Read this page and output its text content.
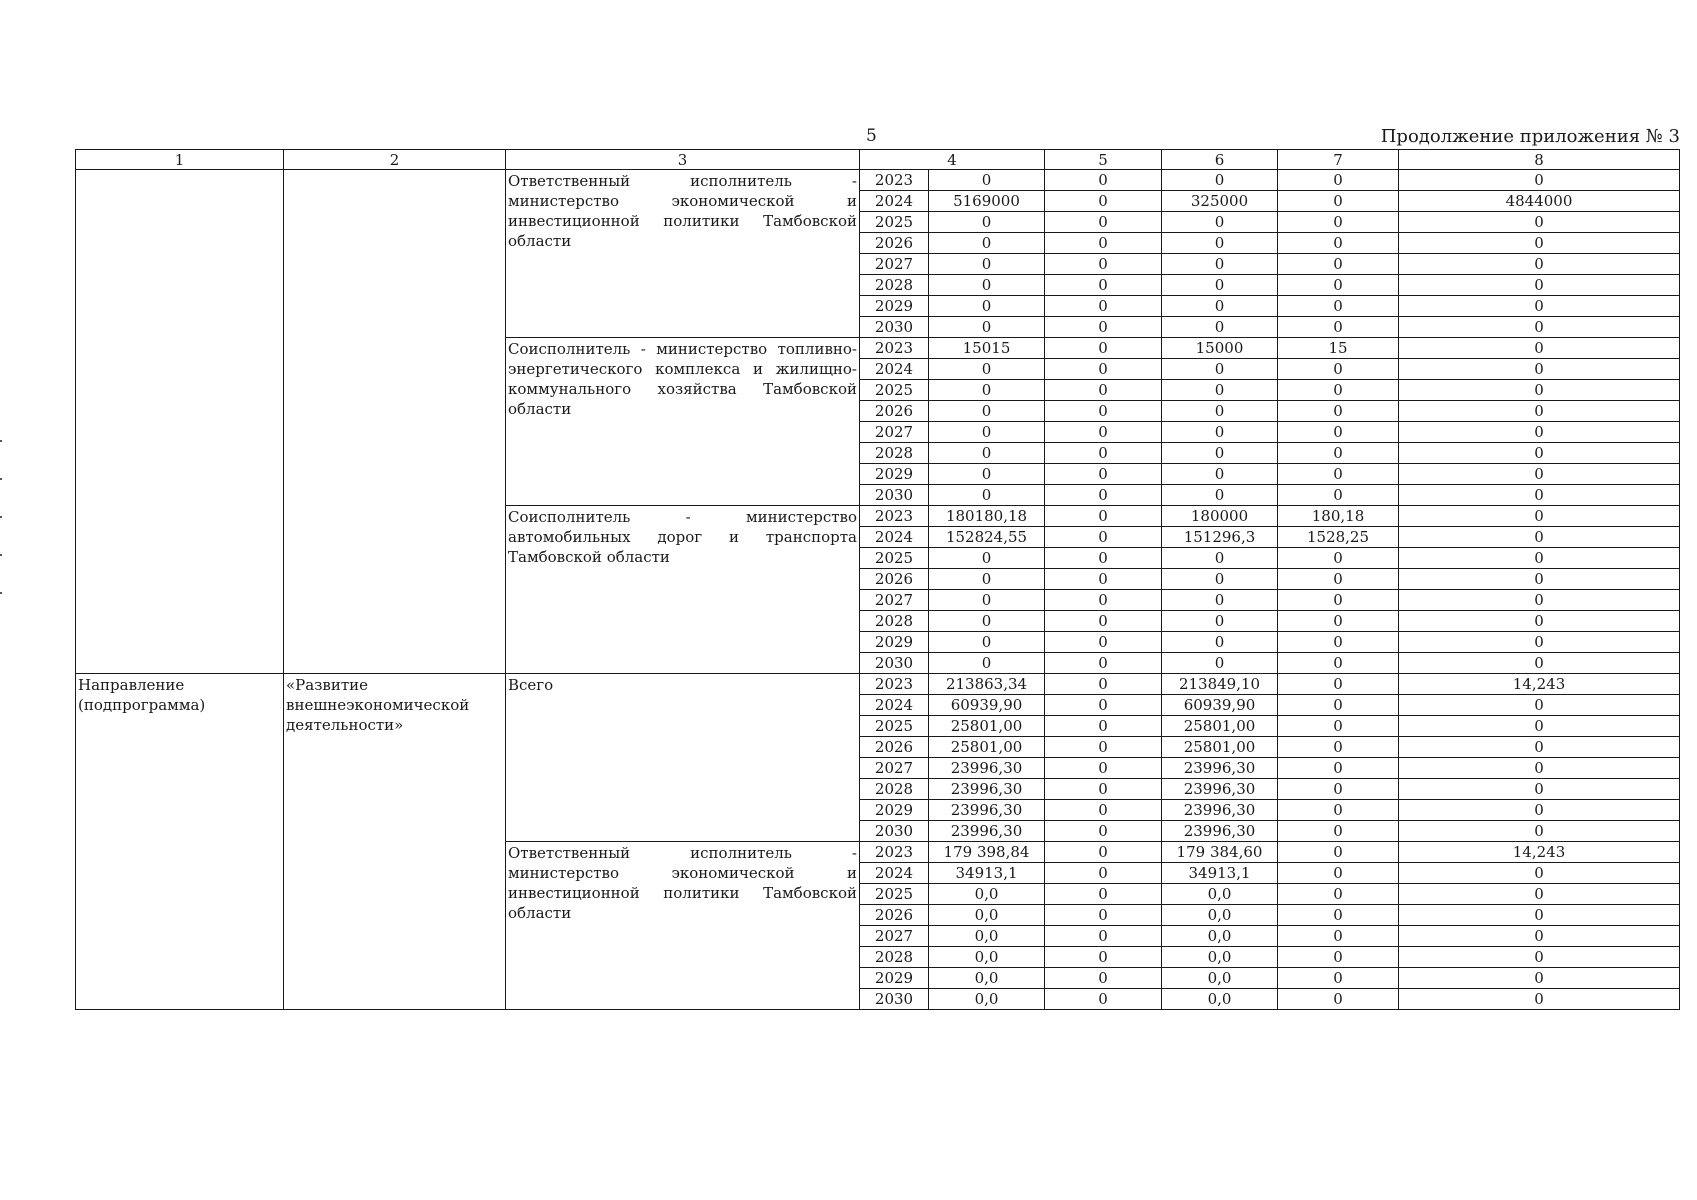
5	Продолжение приложения № 3
1	2	3	4		5	6	7	8
		Ответственный исполнитель - министерство экономической и инвестиционной политики Тамбовской области	2023	0	0	0	0	0
			2024	5169000	0	325000	0	4844000
			2025	0	0	0	0	0
			2026	0	0	0	0	0
			2027	0	0	0	0	0
			2028	0	0	0	0	0
			2029	0	0	0	0	0
			2030	0	0	0	0	0
		Соисполнитель - министерство топливно-энергетического комплекса и жилищно-коммунального хозяйства Тамбовской области	2023	15015	0	15000	15	0
			2024	0	0	0	0	0
			2025	0	0	0	0	0
			2026	0	0	0	0	0
			2027	0	0	0	0	0
			2028	0	0	0	0	0
			2029	0	0	0	0	0
			2030	0	0	0	0	0
		Соисполнитель - министерство автомобильных дорог и транспорта Тамбовской области	2023	180180,18	0	180000	180,18	0
			2024	152824,55	0	151296,3	1528,25	0
			2025	0	0	0	0	0
			2026	0	0	0	0	0
			2027	0	0	0	0	0
			2028	0	0	0	0	0
			2029	0	0	0	0	0
			2030	0	0	0	0	0
Направление (подпрограмма)	«Развитие внешнеэкономической деятельности»	Всего	2023	213863,34	0	213849,10	0	14,243
			2024	60939,90	0	60939,90	0	0
			2025	25801,00	0	25801,00	0	0
			2026	25801,00	0	25801,00	0	0
			2027	23996,30	0	23996,30	0	0
			2028	23996,30	0	23996,30	0	0
			2029	23996,30	0	23996,30	0	0
			2030	23996,30	0	23996,30	0	0
		Ответственный исполнитель - министерство экономической и инвестиционной политики Тамбовской области	2023	179 398,84	0	179 384,60	0	14,243
			2024	34913,1	0	34913,1	0	0
			2025	0,0	0	0,0	0	0
			2026	0,0	0	0,0	0	0
			2027	0,0	0	0,0	0	0
			2028	0,0	0	0,0	0	0
			2029	0,0	0	0,0	0	0
			2030	0,0	0	0,0	0	0
